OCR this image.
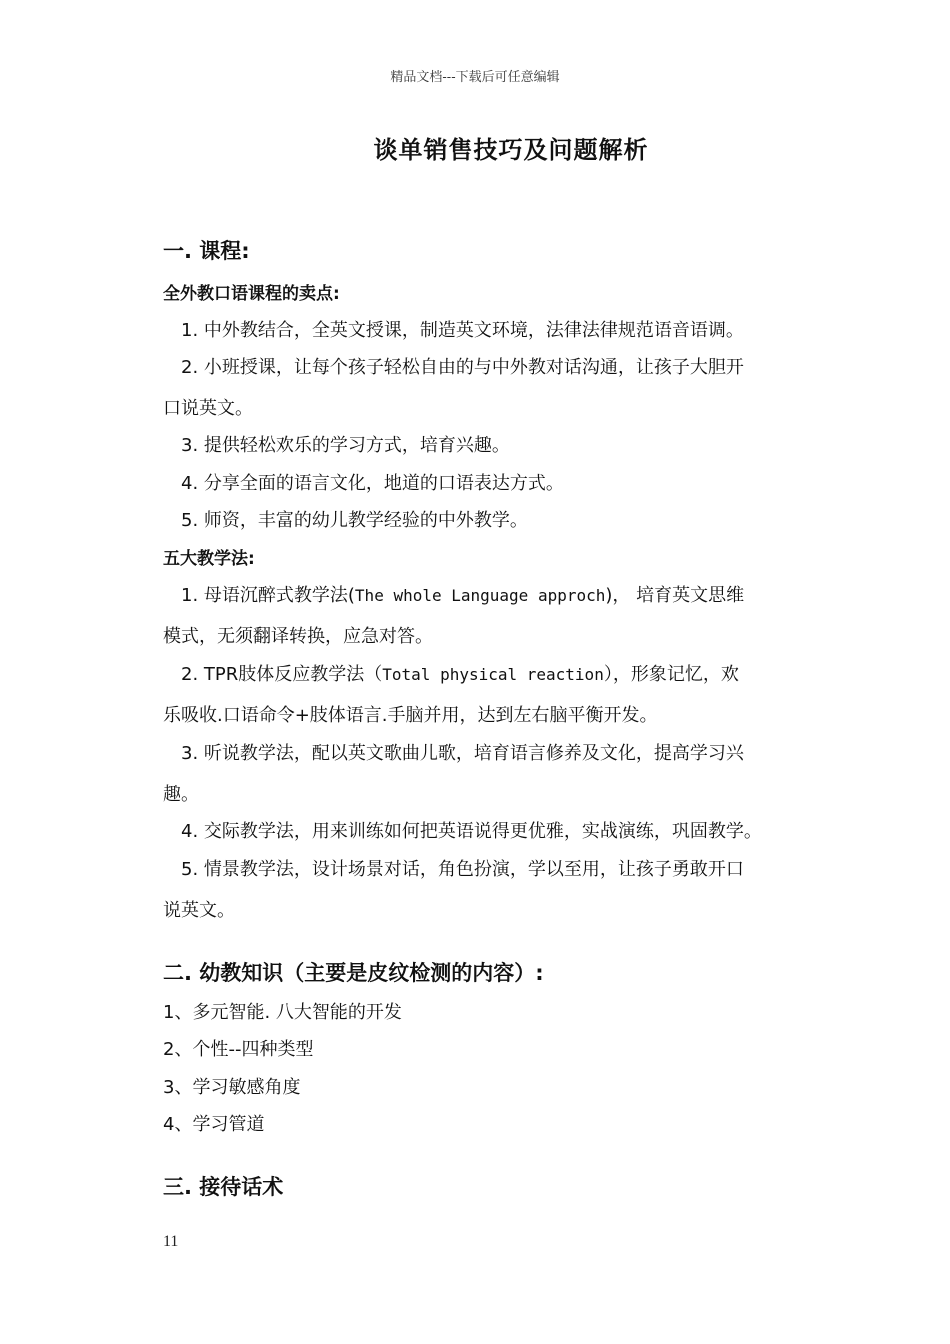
精品文档---下载后可任意编辑
谈单销售技巧及问题解析
一. 课程:
全外教口语课程的卖点:
1. 中外教结合，全英文授课，制造英文环境，法律法律规范语音语调。
2. 小班授课，让每个孩子轻松自由的与中外教对话沟通，让孩子大胆开
口说英文。
3. 提供轻松欢乐的学习方式，培育兴趣。
4. 分享全面的语言文化，地道的口语表达方式。
5. 师资，丰富的幼儿教学经验的中外教学。
五大教学法:
1. 母语沉醉式教学法(The whole Language approch)， 培育英文思维
模式，无须翻译转换，应急对答。
2. TPR肢体反应教学法（Total physical reaction），形象记忆，欢
乐吸收.口语命令+肢体语言.手脑并用，达到左右脑平衡开发。
3. 听说教学法，配以英文歌曲儿歌，培育语言修养及文化，提高学习兴
趣。
4. 交际教学法，用来训练如何把英语说得更优雅，实战演练，巩固教学。
5. 情景教学法，设计场景对话，角色扮演，学以至用，让孩子勇敢开口
说英文。
二. 幼教知识（主要是皮纹检测的内容）:
1、多元智能. 八大智能的开发
2、个性--四种类型
3、学习敏感角度
4、学习管道
三. 接待话术
11
